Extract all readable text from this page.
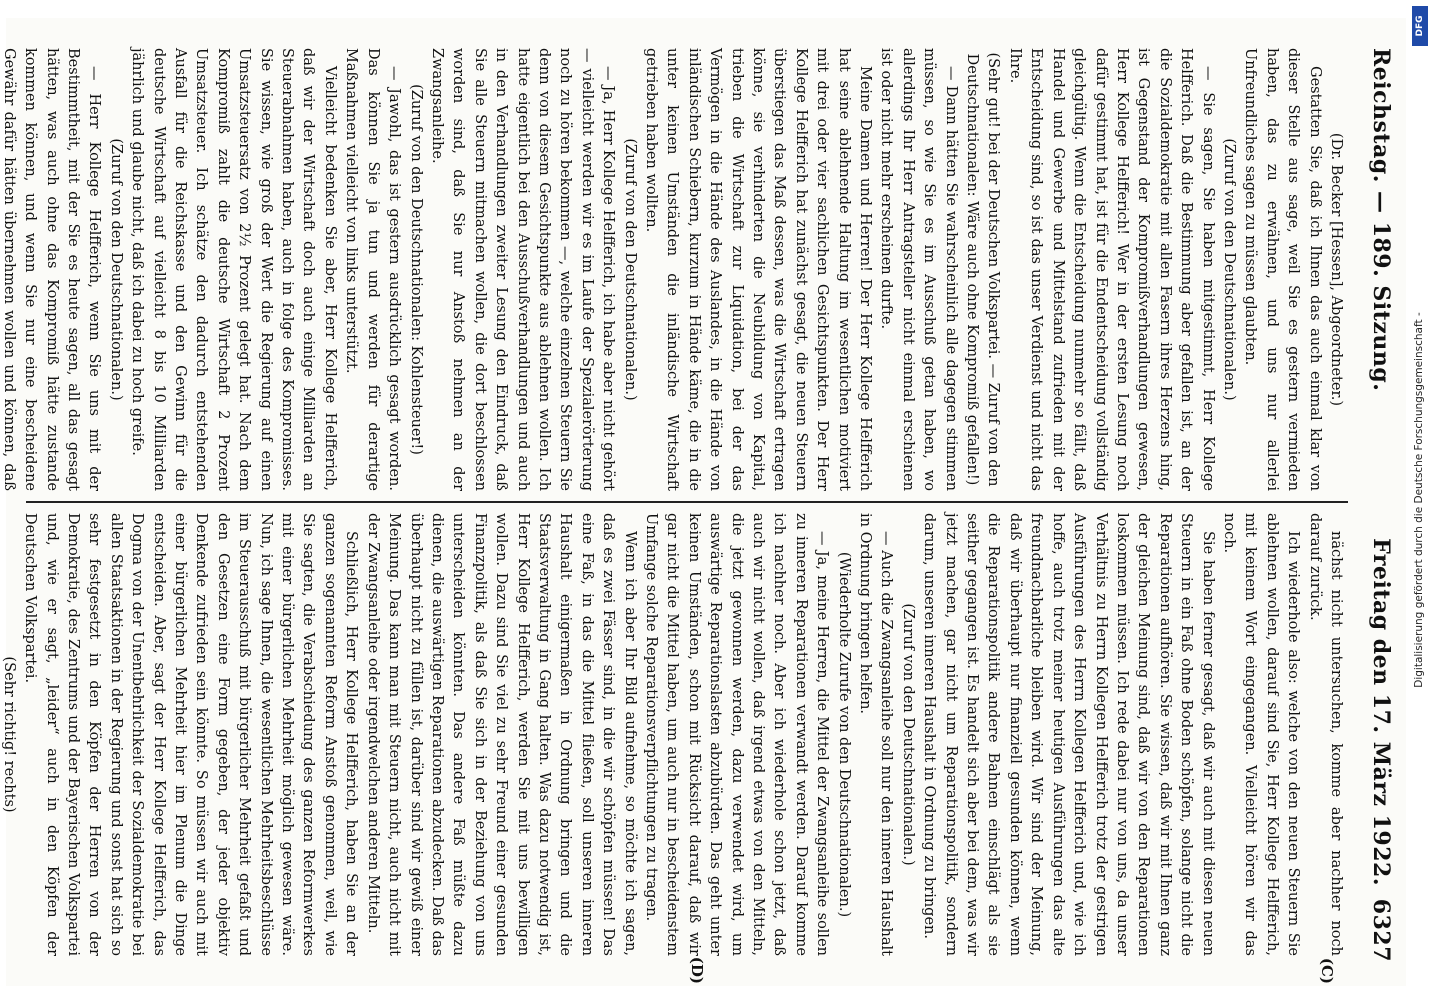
Reichstag. — 189. Sitzung.
Freitag den 17. März 1922.
6327

(Dr. Becker [Hessen], Abgeordneter.)

Gestatten Sie, daß ich Ihnen das auch einmal klar von dieser Stelle aus sage, weil Sie es gestern vermieden haben, das zu erwähnen, und uns nur allerlei Unfreundliches sagen zu müssen glaubten.

(Zuruf von den Deutschnationalen.)

— Sie sagen, Sie haben mitgestimmt, Herr Kollege Helfferich. Daß die Bestimmung aber gefallen ist, an der die Sozialdemokratie mit allen Fasern ihres Herzens hing, ist Gegenstand der Kompromißverhandlungen gewesen, Herr Kollege Helfferich! Wer in der ersten Lesung noch dafür gestimmt hat, ist für die Endentscheidung vollständig gleichgültig. Wenn die Entscheidung nunmehr so fällt, daß Handel und Gewerbe und Mittelstand zufrieden mit der Entscheidung sind, so ist das unser Verdienst und nicht das Ihre.

(Sehr gut! bei der Deutschen Volkspartei. — Zuruf von den Deutschnationalen: Wäre auch ohne Kompromiß gefallen!)

— Dann hätten Sie wahrscheinlich alle dagegen stimmen müssen, so wie Sie es im Ausschuß getan haben, wo allerdings Ihr Herr Antragsteller nicht einmal erschienen ist oder nicht mehr erscheinen durfte.

Meine Damen und Herren! Der Herr Kollege Helfferich hat seine ablehnende Haltung im wesentlichen motiviert mit drei oder vier sachlichen Gesichtspunkten. Der Herr Kollege Helfferich hat zunächst gesagt, die neuen Steuern überstiegen das Maß dessen, was die Wirtschaft ertragen könne, sie verhinderten die Neubildung von Kapital, trieben die Wirtschaft zur Liquidation, bei der das Vermögen in die Hände des Auslandes, in die Hände von inländischen Schiebern, kurzum in Hände käme, die in die unter keinen Umständen die inländische Wirtschaft getrieben haben wollten.

(Zuruf von den Deutschnationalen.)

— Ja, Herr Kollege Helfferich, ich habe aber nicht gehört — vielleicht werden wir es im Laufe der Spezialerörterung noch zu hören bekommen —, welche einzelnen Steuern Sie denn von diesem Gesichtspunkte aus ablehnen wollen. Ich hatte eigentlich bei den Ausschußverhandlungen und auch in den Verhandlungen zweiter Lesung den Eindruck, daß Sie alle Steuern mitmachen wollen, die dort beschlossen worden sind, daß Sie nur Anstoß nehmen an der Zwangsanleihe.

(Zuruf von den Deutschnationalen: Kohlensteuer!)

— Jawohl, das ist gestern ausdrücklich gesagt worden. Das können Sie ja tun und werden für derartige Maßnahmen vielleicht von links unterstützt.

Vielleicht bedenken Sie aber, Herr Kollege Helfferich, daß wir der Wirtschaft doch auch einige Milliarden an Steuerabnahmen haben, auch in folge des Kompromisses. Sie wissen, wie groß der Wert die Regierung auf einen Umsatzsteuersatz von 2½ Prozent gelegt hat. Nach dem Kompromiß zahlt die deutsche Wirtschaft 2 Prozent Umsatzsteuer. Ich schätze den dadurch entstehenden Ausfall für die Reichskasse und den Gewinn für die deutsche Wirtschaft auf vielleicht 8 bis 10 Milliarden jährlich und glaube nicht, daß ich dabei zu hoch greife.

(Zuruf von den Deutschnationalen.)

— Herr Kollege Helfferich, wenn Sie uns mit der Bestimmtheit, mit der Sie es heute sagen, all das gesagt hätten, was auch ohne das Kompromiß hätte zustande kommen können, und wenn Sie nur eine bescheidene Gewähr dafür hätten übernehmen wollen und können, daß

nächst nicht untersuchen, komme aber nachher noch darauf zurück.

Ich wiederhole also: welche von den neuen Steuern Sie ablehnen wollen, darauf sind Sie, Herr Kollege Helfferich, mit keinem Wort eingegangen. Vielleicht hören wir das noch.

Sie haben ferner gesagt, daß wir auch mit diesen neuen Steuern in ein Faß ohne Boden schöpfen, solange nicht die Reparationen aufhören. Sie wissen, daß wir mit Ihnen ganz der gleichen Meinung sind, daß wir von den Reparationen loskommen müssen. Ich rede dabei nur von uns, da unser Verhältnis zu Herrn Kollegen Helfferich trotz der gestrigen Ausführungen des Herrn Kollegen Helfferich und, wie ich hoffe, auch trotz meiner heutigen Ausführungen das alte freundnachbarliche bleiben wird. Wir sind der Meinung, daß wir überhaupt nur finanziell gesunden können, wenn die Reparationspolitik andere Bahnen einschlägt als sie seither gegangen ist. Es handelt sich aber bei dem, was wir jetzt machen, gar nicht um Reparationspolitik, sondern darum, unseren inneren Haushalt in Ordnung zu bringen.

(Zuruf von den Deutschnationalen.)

— Auch die Zwangsanleihe soll nur den inneren Haushalt in Ordnung bringen helfen.

(Wiederholte Zurufe von den Deutschnationalen.)

— Ja, meine Herren, die Mittel der Zwangsanleihe sollen zu inneren Reparationen verwandt werden. Darauf komme ich nachher noch. Aber ich wiederhole schon jetzt, daß auch wir nicht wollen, daß irgend etwas von den Mitteln, die jetzt gewonnen werden, dazu verwendet wird, um auswärtige Reparationslasten abzubürden. Das geht unter keinen Umständen, schon mit Rücksicht darauf, daß wir gar nicht die Mittel haben, um auch nur in bescheidenstem Umfange solche Reparationsverpflichtungen zu tragen.

Wenn ich aber Ihr Bild aufnehme, so möchte ich sagen, daß es zwei Fässer sind, in die wir schöpfen müssen! Das eine Faß, in das die Mittel fließen, soll unseren inneren Haushalt einigermaßen in Ordnung bringen und die Staatsverwaltung in Gang halten. Was dazu notwendig ist, Herr Kollege Helfferich, werden Sie mit uns bewilligen wollen. Dazu sind Sie viel zu sehr Freund einer gesunden Finanzpolitik, als daß Sie sich in der Beziehung von uns unterscheiden könnten. Das andere Faß müßte dazu dienen, die auswärtigen Reparationen abzudecken. Daß das überhaupt nicht zu füllen ist, darüber sind wir gewiß einer Meinung. Das kann man mit Steuern nicht, auch nicht mit der Zwangsanleihe oder irgendwelchen anderen Mitteln.

Schließlich, Herr Kollege Helfferich, haben Sie an der ganzen sogenannten Reform Anstoß genommen, weil, wie Sie sagten, die Verabschiedung des ganzen Reformwerkes mit einer bürgerlichen Mehrheit möglich gewesen wäre. Nun, ich sage Ihnen, die wesentlichen Mehrheitsbeschlüsse im Steuerausschuß mit bürgerlicher Mehrheit gefaßt und den Gesetzen eine Form gegeben, der jeder objektiv Denkende zufrieden sein könnte. So müssen wir auch mit einer bürgerlichen Mehrheit hier im Plenum die Dinge entscheiden. Aber, sagt der Herr Kollege Helfferich, das Dogma von der Unentbehrlichkeit der Sozialdemokratie bei allen Staatsaktionen in der Regierung und sonst hat sich so sehr festgesetzt in den Köpfen der Herren von der Demokratie, des Zentrums und der Bayerischen Volkspartei und, wie er sagt, „leider“ auch in den Köpfen der Deutschen Volkspartei.

(Sehr richtig! rechts)

(C)
(D)
DFG
Digitalisierung gefördert durch die Deutsche Forschungsgemeinschaft -
